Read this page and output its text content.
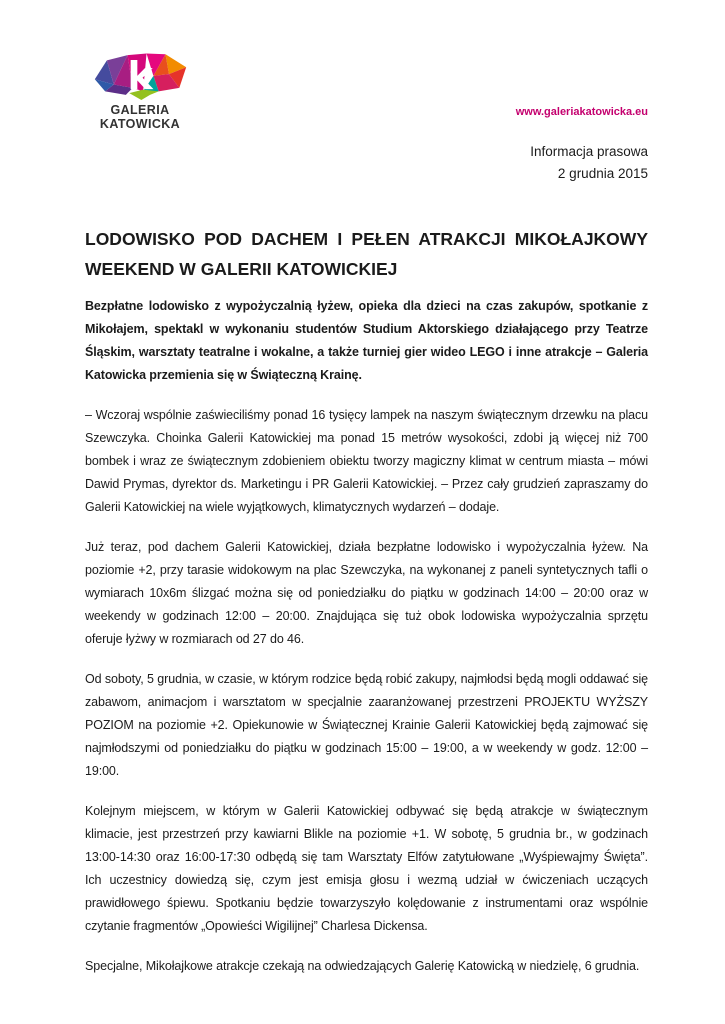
k
GALERIA
KATOWICKA
www.galeriakatowicka.eu
Informacja prasowa
2 grudnia 2015
LODOWISKO POD DACHEM I PEŁEN ATRAKCJI MIKOŁAJKOWY
WEEKEND W GALERII KATOWICKIEJ

Bezpłatne lodowisko z wypożyczalnią łyżew, opieka dla dzieci na czas zakupów, spotkanie z Mikołajem, spektakl w wykonaniu studentów Studium Aktorskiego działającego przy Teatrze Śląskim, warsztaty teatralne i wokalne, a także turniej gier wideo LEGO i inne atrakcje – Galeria Katowicka przemienia się w Świąteczną Krainę.

– Wczoraj wspólnie zaświeciliśmy ponad 16 tysięcy lampek na naszym świątecznym drzewku na placu Szewczyka. Choinka Galerii Katowickiej ma ponad 15 metrów wysokości, zdobi ją więcej niż 700 bombek i wraz ze świątecznym zdobieniem obiektu tworzy magiczny klimat w centrum miasta – mówi Dawid Prymas, dyrektor ds. Marketingu i PR Galerii Katowickiej. – Przez cały grudzień zapraszamy do Galerii Katowickiej na wiele wyjątkowych, klimatycznych wydarzeń – dodaje.

Już teraz, pod dachem Galerii Katowickiej, działa bezpłatne lodowisko i wypożyczalnia łyżew. Na poziomie +2, przy tarasie widokowym na plac Szewczyka, na wykonanej z paneli syntetycznych tafli o wymiarach 10x6m ślizgać można się od poniedziałku do piątku w godzinach 14:00 – 20:00 oraz w weekendy w godzinach 12:00 – 20:00. Znajdująca się tuż obok lodowiska wypożyczalnia sprzętu oferuje łyżwy w rozmiarach od 27 do 46.

Od soboty, 5 grudnia, w czasie, w którym rodzice będą robić zakupy, najmłodsi będą mogli oddawać się zabawom, animacjom i warsztatom w specjalnie zaaranżowanej przestrzeni PROJEKTU WYŻSZY POZIOM na poziomie +2. Opiekunowie w Świątecznej Krainie Galerii Katowickiej będą zajmować się najmłodszymi od poniedziałku do piątku w godzinach 15:00 – 19:00, a w weekendy w godz. 12:00 – 19:00.

Kolejnym miejscem, w którym w Galerii Katowickiej odbywać się będą atrakcje w świątecznym klimacie, jest przestrzeń przy kawiarni Blikle na poziomie +1. W sobotę, 5 grudnia br., w godzinach 13:00-14:30 oraz 16:00-17:30 odbędą się tam Warsztaty Elfów zatytułowane „Wyśpiewajmy Święta”. Ich uczestnicy dowiedzą się, czym jest emisja głosu i wezmą udział w ćwiczeniach uczących prawidłowego śpiewu. Spotkaniu będzie towarzyszyło kolędowanie z instrumentami oraz wspólnie czytanie fragmentów „Opowieści Wigilijnej” Charlesa Dickensa.

Specjalne, Mikołajkowe atrakcje czekają na odwiedzających Galerię Katowicką w niedzielę, 6 grudnia.
